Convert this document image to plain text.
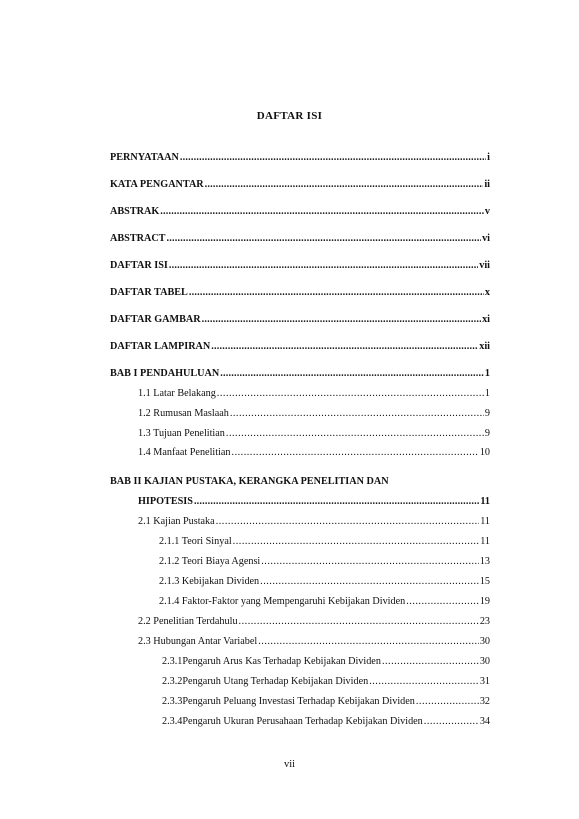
DAFTAR ISI
PERNYATAAN .....	i
KATA PENGANTAR .....	ii
ABSTRAK .....	v
ABSTRACT .....	vi
DAFTAR ISI .....	vii
DAFTAR TABEL .....	x
DAFTAR GAMBAR .....	xi
DAFTAR LAMPIRAN .....	xii
BAB I PENDAHULUAN .....	1
1.1 Latar Belakang .....	1
1.2 Rumusan Maslaah .....	9
1.3 Tujuan Penelitian .....	9
1.4 Manfaat Penelitian .....	10
BAB II KAJIAN PUSTAKA, KERANGKA PENELITIAN DAN
HIPOTESIS .....	11
2.1 Kajian Pustaka .....	11
2.1.1 Teori Sinyal .....	11
2.1.2 Teori Biaya Agensi .....	13
2.1.3 Kebijakan Dividen .....	15
2.1.4 Faktor-Faktor yang Mempengaruhi Kebijakan Dividen .....	19
2.2 Penelitian Terdahulu .....	23
2.3 Hubungan Antar Variabel .....	30
2.3.1Pengaruh Arus Kas Terhadap Kebijakan Dividen .....	30
2.3.2Pengaruh Utang Terhadap Kebijakan Dividen .....	31
2.3.3Pengaruh Peluang Investasi Terhadap Kebijakan Dividen .....	32
2.3.4Pengaruh Ukuran Perusahaan Terhadap Kebijakan Dividen .....	34
vii
